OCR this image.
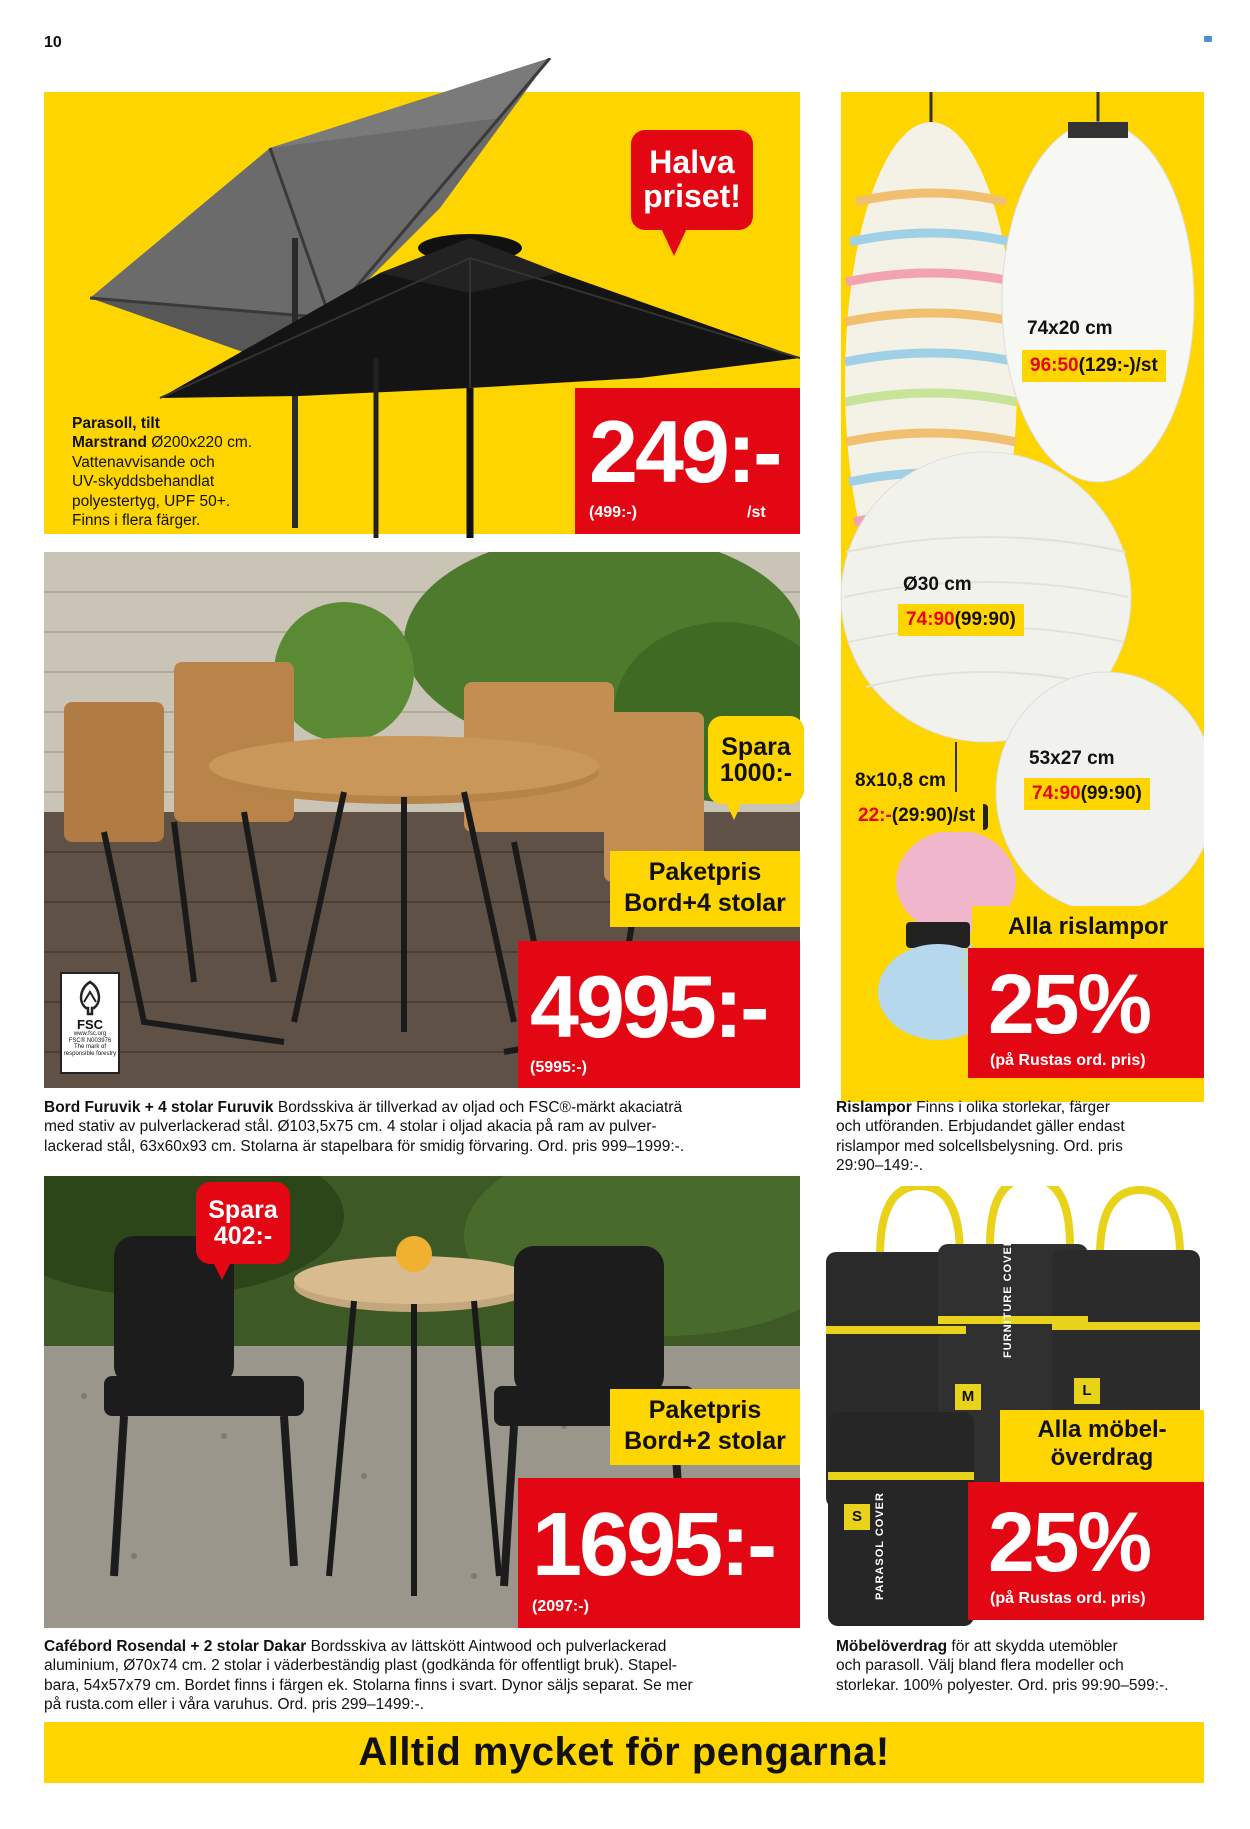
10
Halva priset!
Parasoll, tilt
Marstrand Ø200x220 cm.
Vattenavvisande och
UV-skyddsbehandlat
polyestertyg, UPF 50+.
Finns i flera färger.
249:-
(499:-)	/st
FSC
www.fsc.org
FSC® N003976
The mark of responsible forestry
Spara
1000:-
Paketpris
Bord+4 stolar
4995:-
(5995:-)
Bord Furuvik + 4 stolar Furuvik Bordsskiva är tillverkad av oljad och FSC®-märkt akaciaträ
med stativ av pulverlackerad stål. Ø103,5x75 cm. 4 stolar i oljad akacia på ram av pulver-
lackerad stål, 63x60x93 cm. Stolarna är stapelbara för smidig förvaring. Ord. pris 999–1999:-.
Spara
402:-
Paketpris
Bord+2 stolar
1695:-
(2097:-)
Cafébord Rosendal + 2 stolar Dakar Bordsskiva av lättskött Aintwood och pulverlackerad
aluminium, Ø70x74 cm. 2 stolar i väderbeständig plast (godkända för offentligt bruk). Stapel-
bara, 54x57x79 cm. Bordet finns i färgen ek. Stolarna finns i svart. Dynor säljs separat. Se mer
på rusta.com eller i våra varuhus. Ord. pris 299–1499:-.
74x20 cm
96:50 (129:-)/st
Ø30 cm
74:90 (99:90)
53x27 cm
74:90 (99:90)
8x10,8 cm
22:- (29:90)/st
Alla rislampor
25%
(på Rustas ord. pris)
Rislampor Finns i olika storlekar, färger
och utföranden. Erbjudandet gäller endast
rislampor med solcellsbelysning. Ord. pris
29:90–149:-.
M	L
S
FURNITURE COVER
PARASOL COVER
Alla möbel-
överdrag
25%
(på Rustas ord. pris)
Möbelöverdrag för att skydda utemöbler
och parasoll. Välj bland flera modeller och
storlekar. 100% polyester. Ord. pris 99:90–599:-.
Alltid mycket för pengarna!
